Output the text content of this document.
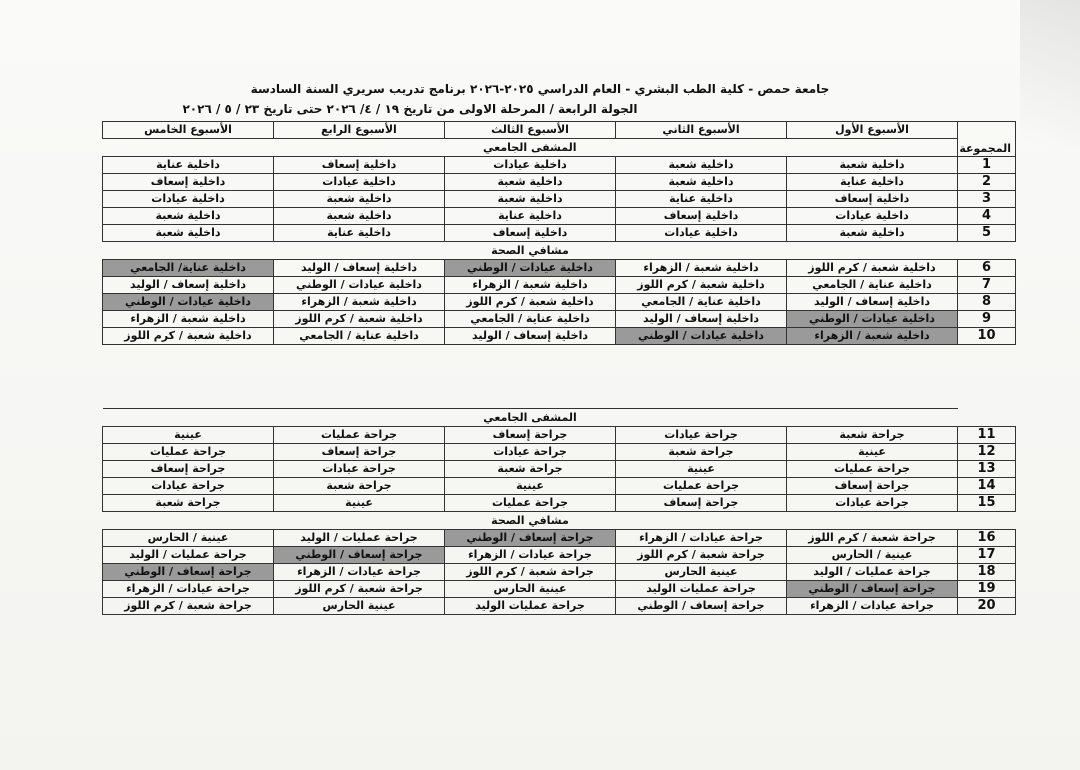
جامعة حمص - كلية الطب البشري - العام الدراسي ٢٠٢٥-٢٠٢٦ برنامج تدريب سريري السنة السادسة
الجولة الرابعة / المرحلة الاولى من تاريخ ١٩ / ٤/ ٢٠٢٦ حتى تاريخ ٢٣ / ٥ / ٢٠٢٦
المجموعة	الأسبوع الأول	الأسبوع الثاني	الأسبوع الثالث	الأسبوع الرابع	الأسبوع الخامس
	المشفى الجامعي				
1	داخلية شعبة	داخلية شعبة	داخلية عيادات	داخلية إسعاف	داخلية عناية
2	داخلية عناية	داخلية شعبة	داخلية شعبة	داخلية عيادات	داخلية إسعاف
3	داخلية إسعاف	داخلية عناية	داخلية شعبة	داخلية شعبة	داخلية عيادات
4	داخلية عيادات	داخلية إسعاف	داخلية عناية	داخلية شعبة	داخلية شعبة
5	داخلية شعبة	داخلية عيادات	داخلية إسعاف	داخلية عناية	داخلية شعبة
	مشافي الصحة				
6	داخلية شعبة / كرم اللوز	داخلية شعبة / الزهراء	داخلية عيادات / الوطني	داخلية إسعاف / الوليد	داخلية عناية/ الجامعي
7	داخلية عناية / الجامعي	داخلية شعبة / كرم اللوز	داخلية شعبة / الزهراء	داخلية عيادات / الوطني	داخلية إسعاف / الوليد
8	داخلية إسعاف / الوليد	داخلية عناية / الجامعي	داخلية شعبة / كرم اللوز	داخلية شعبة / الزهراء	داخلية عيادات / الوطني
9	داخلية عيادات / الوطني	داخلية إسعاف / الوليد	داخلية عناية / الجامعي	داخلية شعبة / كرم اللوز	داخلية شعبة / الزهراء
10	داخلية شعبة / الزهراء	داخلية عيادات / الوطني	داخلية إسعاف / الوليد	داخلية عناية / الجامعي	داخلية شعبة / كرم اللوز
	المشفى الجامعي				
11	جراحة شعبة	جراحة عيادات	جراحة إسعاف	جراحة عمليات	عينية
12	عينية	جراحة شعبة	جراحة عيادات	جراحة إسعاف	جراحة عمليات
13	جراحة عمليات	عينية	جراحة شعبة	جراحة عيادات	جراحة إسعاف
14	جراحة إسعاف	جراحة عمليات	عينية	جراحة شعبة	جراحة عيادات
15	جراحة عيادات	جراحة إسعاف	جراحة عمليات	عينية	جراحة شعبة
	مشافي الصحة				
16	جراحة شعبة / كرم اللوز	جراحة عيادات / الزهراء	جراحة إسعاف / الوطني	جراحة عمليات / الوليد	عينية / الحارس
17	عينية / الحارس	جراحة شعبة / كرم اللوز	جراحة عيادات / الزهراء	جراحة إسعاف / الوطني	جراحة عمليات / الوليد
18	جراحة عمليات / الوليد	عينية الحارس	جراحة شعبة / كرم اللوز	جراحة عيادات / الزهراء	جراحة إسعاف / الوطني
19	جراحة إسعاف / الوطني	جراحة عمليات الوليد	عينية الحارس	جراحة شعبة / كرم اللوز	جراحة عيادات / الزهراء
20	جراحة عيادات / الزهراء	جراحة إسعاف / الوطني	جراحة عمليات الوليد	عينية الحارس	جراحة شعبة / كرم اللوز
